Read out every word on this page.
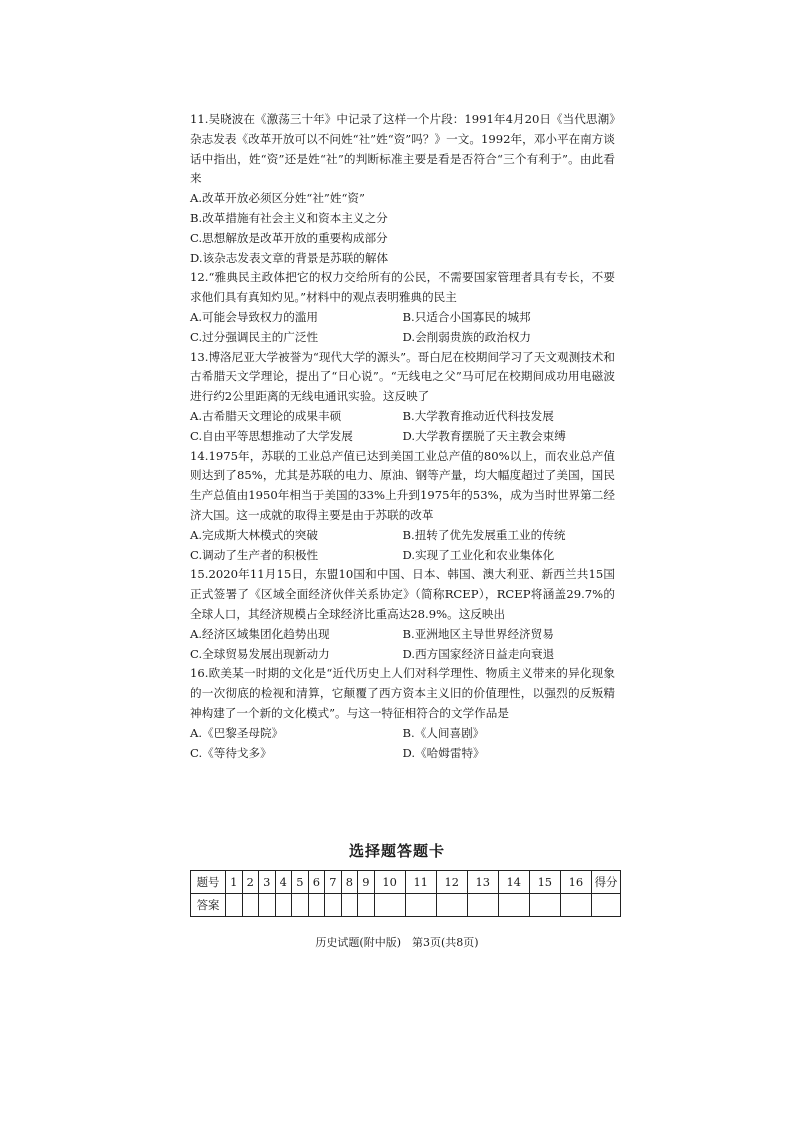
11.吴晓波在《激荡三十年》中记录了这样一个片段：1991年4月20日《当代思潮》杂志发表《改革开放可以不问姓“社”姓“资”吗？》一文。1992年，邓小平在南方谈话中指出，姓“资”还是姓“社”的判断标准主要是看是否符合“三个有利于”。由此看来
A.改革开放必须区分姓“社”姓“资”
B.改革措施有社会主义和资本主义之分
C.思想解放是改革开放的重要构成部分
D.该杂志发表文章的背景是苏联的解体
12.“雅典民主政体把它的权力交给所有的公民，不需要国家管理者具有专长，不要求他们具有真知灼见。”材料中的观点表明雅典的民主
A.可能会导致权力的滥用	B.只适合小国寡民的城邦
C.过分强调民主的广泛性	D.会削弱贵族的政治权力
13.博洛尼亚大学被誉为“现代大学的源头”。哥白尼在校期间学习了天文观测技术和古希腊天文学理论，提出了“日心说”。“无线电之父”马可尼在校期间成功用电磁波进行约2公里距离的无线电通讯实验。这反映了
A.古希腊天文理论的成果丰硕	B.大学教育推动近代科技发展
C.自由平等思想推动了大学发展	D.大学教育摆脱了天主教会束缚
14.1975年，苏联的工业总产值已达到美国工业总产值的80%以上，而农业总产值则达到了85%，尤其是苏联的电力、原油、钢等产量，均大幅度超过了美国，国民生产总值由1950年相当于美国的33%上升到1975年的53%，成为当时世界第二经济大国。这一成就的取得主要是由于苏联的改革
A.完成斯大林模式的突破	B.扭转了优先发展重工业的传统
C.调动了生产者的积极性	D.实现了工业化和农业集体化
15.2020年11月15日，东盟10国和中国、日本、韩国、澳大利亚、新西兰共15国正式签署了《区域全面经济伙伴关系协定》（简称RCEP），RCEP将涵盖29.7%的全球人口，其经济规模占全球经济比重高达28.9%。这反映出
A.经济区域集团化趋势出现	B.亚洲地区主导世界经济贸易
C.全球贸易发展出现新动力	D.西方国家经济日益走向衰退
16.欧美某一时期的文化是“近代历史上人们对科学理性、物质主义带来的异化现象的一次彻底的检视和清算，它颠覆了西方资本主义旧的价值理性，以强烈的反叛精神构建了一个新的文化模式”。与这一特征相符合的文学作品是
A.《巴黎圣母院》	B.《人间喜剧》
C.《等待戈多》	D.《哈姆雷特》
选择题答题卡
题号	1	2	3	4	5	6	7	8	9	10	11	12	13	14	15	16	得分
答案																	
历史试题(附中版)　第3页(共8页)
